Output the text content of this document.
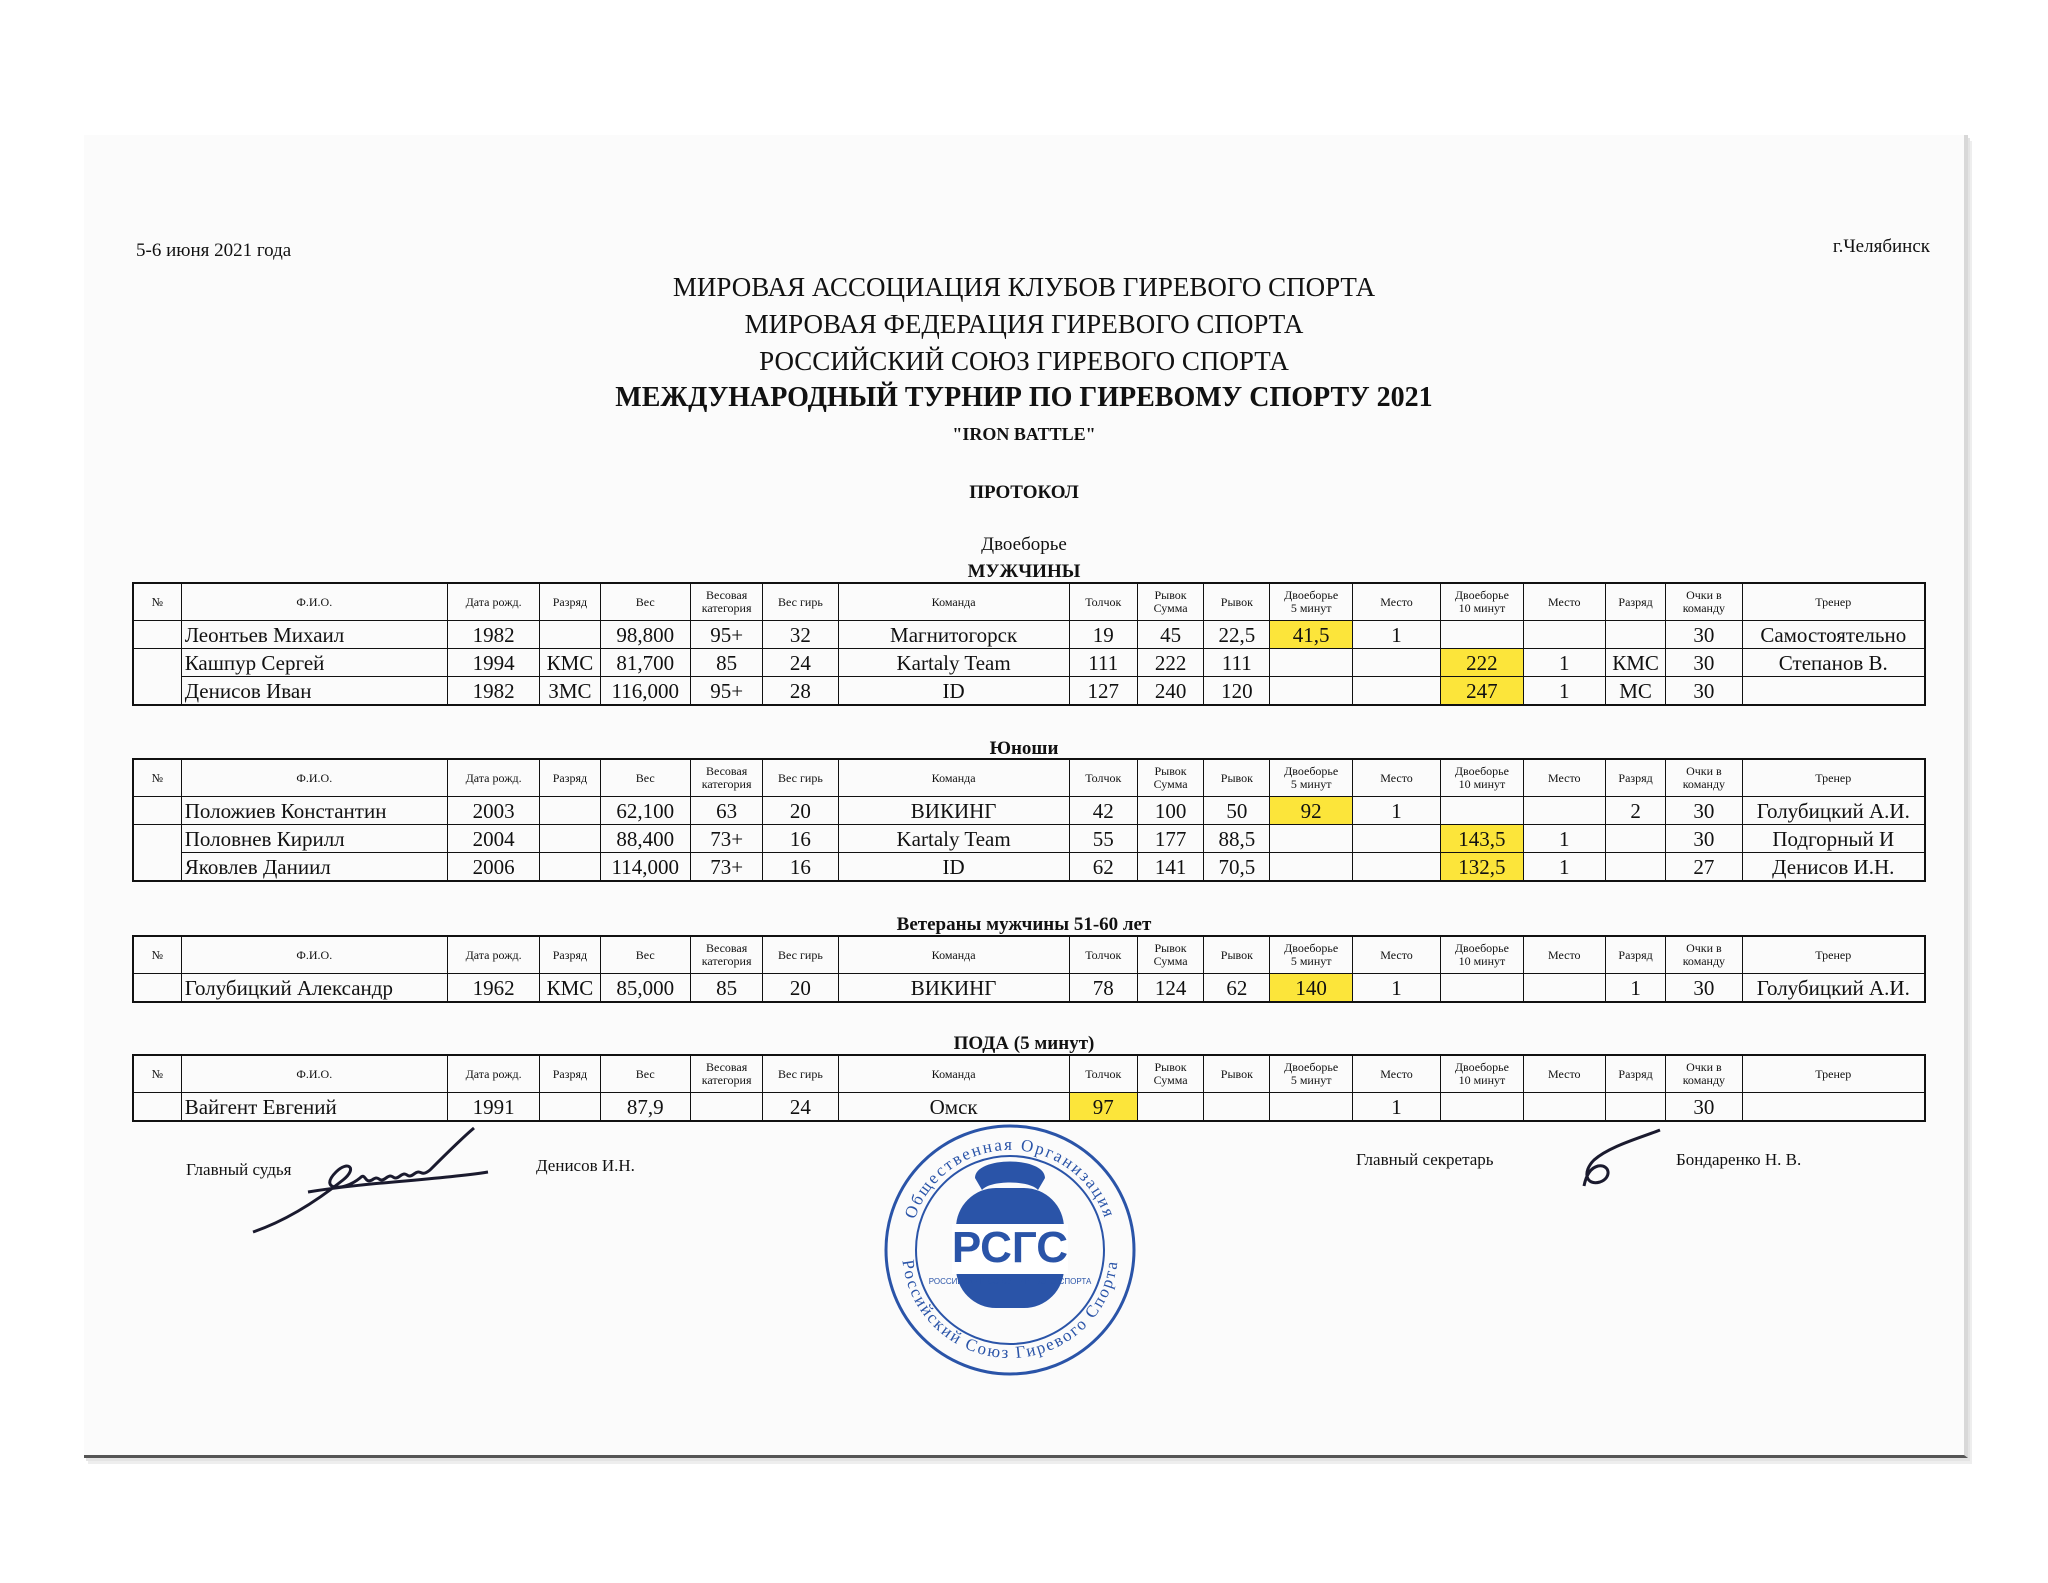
5-6 июня 2021 года	г.Челябинск
МИРОВАЯ АССОЦИАЦИЯ КЛУБОВ ГИРЕВОГО СПОРТА
МИРОВАЯ ФЕДЕРАЦИЯ ГИРЕВОГО СПОРТА
РОССИЙСКИЙ СОЮЗ ГИРЕВОГО СПОРТА
МЕЖДУНАРОДНЫЙ ТУРНИР ПО ГИРЕВОМУ СПОРТУ 2021
"IRON BATTLE"
ПРОТОКОЛ
Двоеборье
МУЖЧИНЫ
№	Ф.И.О.	Дата рожд.	Разряд	Вес	Весовая
категория	Вес гирь	Команда	Толчок	Рывок
Сумма	Рывок	Двоеборье
5 минут	Место	Двоеборье
10 минут	Место	Разряд	Очки в
команду	Тренер
	Леонтьев Михаил	1982		98,800	95+	32	Магнитогорск	19	45	22,5	41,5	1				30	Самостоятельно
	Кашпур Сергей	1994	КМС	81,700	85	24	Kartaly Team	111	222	111			222	1	КМС	30	Степанов В.
	Денисов Иван	1982	ЗМС	116,000	95+	28	ID	127	240	120			247	1	МС	30	
Юноши
№	Ф.И.О.	Дата рожд.	Разряд	Вес	Весовая
категория	Вес гирь	Команда	Толчок	Рывок
Сумма	Рывок	Двоеборье
5 минут	Место	Двоеборье
10 минут	Место	Разряд	Очки в
команду	Тренер
	Положиев Константин	2003		62,100	63	20	ВИКИНГ	42	100	50	92	1			2	30	Голубицкий А.И.
	Половнев Кирилл	2004		88,400	73+	16	Kartaly Team	55	177	88,5			143,5	1		30	Подгорный И
	Яковлев Даниил	2006		114,000	73+	16	ID	62	141	70,5			132,5	1		27	Денисов И.Н.
Ветераны мужчины 51-60 лет
№	Ф.И.О.	Дата рожд.	Разряд	Вес	Весовая
категория	Вес гирь	Команда	Толчок	Рывок
Сумма	Рывок	Двоеборье
5 минут	Место	Двоеборье
10 минут	Место	Разряд	Очки в
команду	Тренер
	Голубицкий Александр	1962	КМС	85,000	85	20	ВИКИНГ	78	124	62	140	1			1	30	Голубицкий А.И.
ПОДА (5 минут)
№	Ф.И.О.	Дата рожд.	Разряд	Вес	Весовая
категория	Вес гирь	Команда	Толчок	Рывок
Сумма	Рывок	Двоеборье
5 минут	Место	Двоеборье
10 минут	Место	Разряд	Очки в
команду	Тренер
	Вайгент Евгений	1991		87,9		24	Омск	97				1				30	
Главный судья	Денисов И.Н.	Главный секретарь	Бондаренко Н. В.
Общественная Организация
Российский Союз Гиревого Спорта
РСГС
РОССИЙСКИЙ СОЮЗ ГИРЕВОГО СПОРТА
